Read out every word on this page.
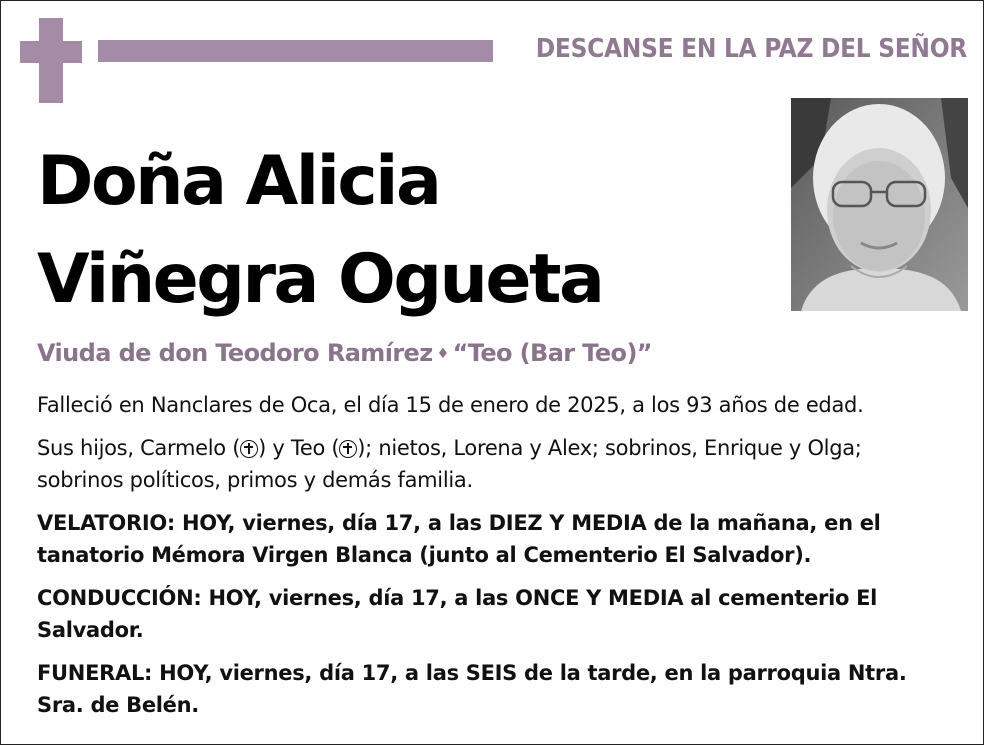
DESCANSE EN LA PAZ DEL SEÑOR
Doña Alicia
Viñegra Ogueta
Viuda de don Teodoro Ramírez ♦ “Teo (Bar Teo)”

Falleció en Nanclares de Oca, el día 15 de enero de 2025, a los 93 años de edad.

Sus hijos, Carmelo ( ) y Teo ( ); nietos, Lorena y Alex; sobrinos, Enrique y Olga; sobrinos políticos, primos y demás familia.

VELATORIO: HOY, viernes, día 17, a las DIEZ Y MEDIA de la mañana, en el tanatorio Mémora Virgen Blanca (junto al Cementerio El Salvador).

CONDUCCIÓN: HOY, viernes, día 17, a las ONCE Y MEDIA al cementerio El Salvador.

FUNERAL: HOY, viernes, día 17, a las SEIS de la tarde, en la parroquia Ntra. Sra. de Belén.
